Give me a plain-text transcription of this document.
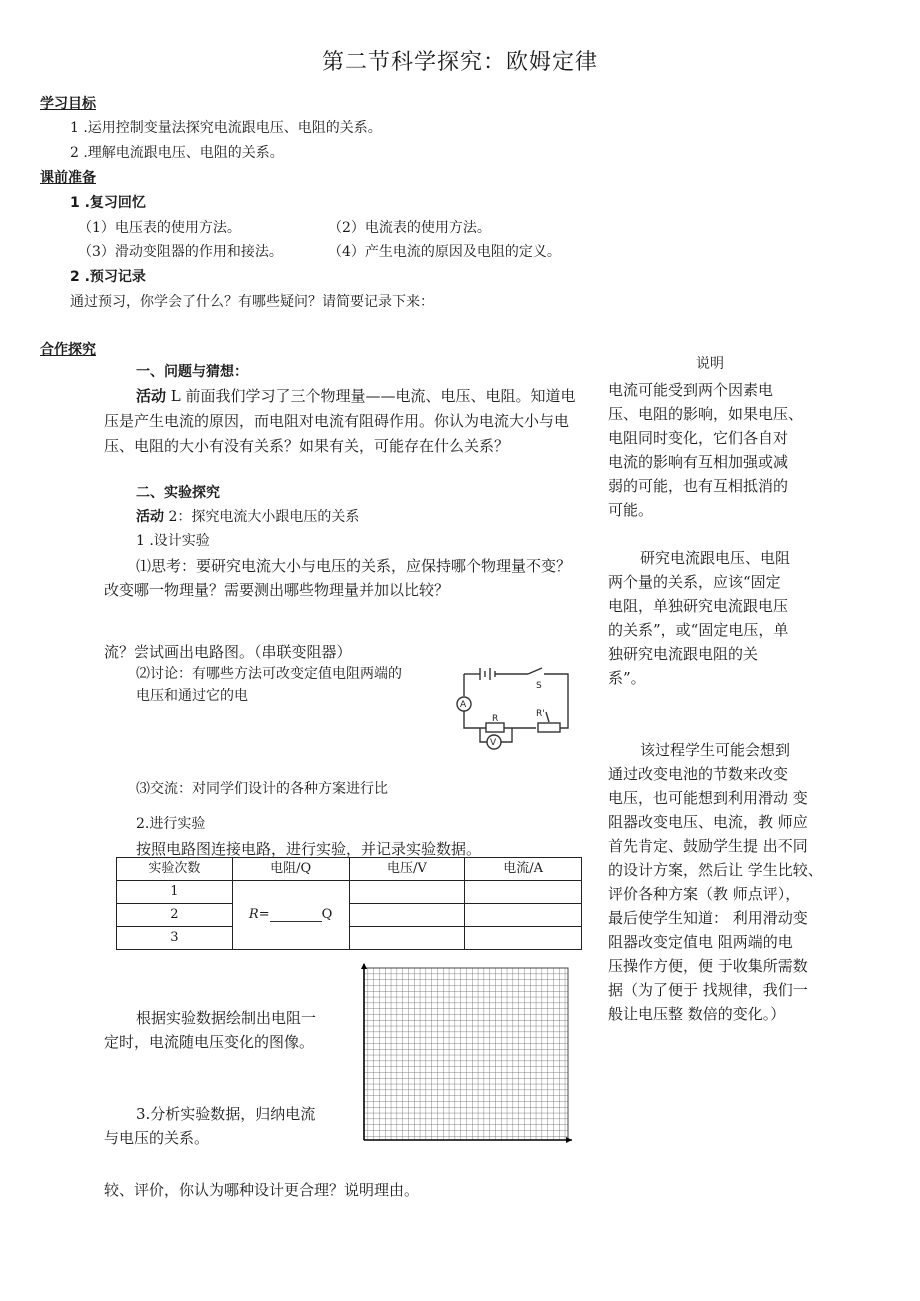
第二节科学探究：欧姆定律
学习目标
1 .运用控制变量法探究电流跟电压、电阻的关系。
2 .理解电流跟电压、电阻的关系。
课前准备
1 .复习回忆
（1）电压表的使用方法。	（2）电流表的使用方法。
（3）滑动变阻器的作用和接法。	（4）产生电流的原因及电阻的定义。
2 .预习记录
通过预习，你学会了什么？有哪些疑问？请简要记录下来：
合作探究
一、问题与猜想：
活动 L 前面我们学习了三个物理量——电流、电压、电阻。知道电
压是产生电流的原因，而电阻对电流有阻碍作用。你认为电流大小与电
压、电阻的大小有没有关系？如果有关，可能存在什么关系？
二、实验探究
活动 2：探究电流大小跟电压的关系
1 .设计实验
⑴思考：要研究电流大小与电压的关系，应保持哪个物理量不变？
改变哪一物理量？需要测出哪些物理量并加以比较？
流？尝试画出电路图。（串联变阻器）
⑵讨论：有哪些方法可改变定值电阻两端的
电压和通过它的电
A
V
S
R	R'
⑶交流：对同学们设计的各种方案进行比
2.进行实验
按照电路图连接电路，进行实验，并记录实验数据。
实验次数	电阻/Q	电压/V	电流/A
1	R= Q		
2			
3			
根据实验数据绘制出电阻一
定时，电流随电压变化的图像。
3.分析实验数据，归纳电流
与电压的关系。
较、评价，你认为哪种设计更合理？说明理由。
说明
电流可能受到两个因素电
压、电阻的影响，如果电压、
电阻同时变化，它们各自对
电流的影响有互相加强或减
弱的可能，也有互相抵消的
可能。
研究电流跟电压、电阻
两个量的关系，应该“固定
电阻，单独研究电流跟电压
的关系”，或“固定电压，单
独研究电流跟电阻的关
系”。
该过程学生可能会想到
通过改变电池的节数来改变
电压，也可能想到利用滑动 变
阻器改变电压、电流，教 师应
首先肯定、鼓励学生提 出不同
的设计方案，然后让 学生比较、
评价各种方案（教 师点评），
最后使学生知道： 利用滑动变
阻器改变定值电 阻两端的电
压操作方便，便 于收集所需数
据（为了便于 找规律，我们一
般让电压整 数倍的变化。）
